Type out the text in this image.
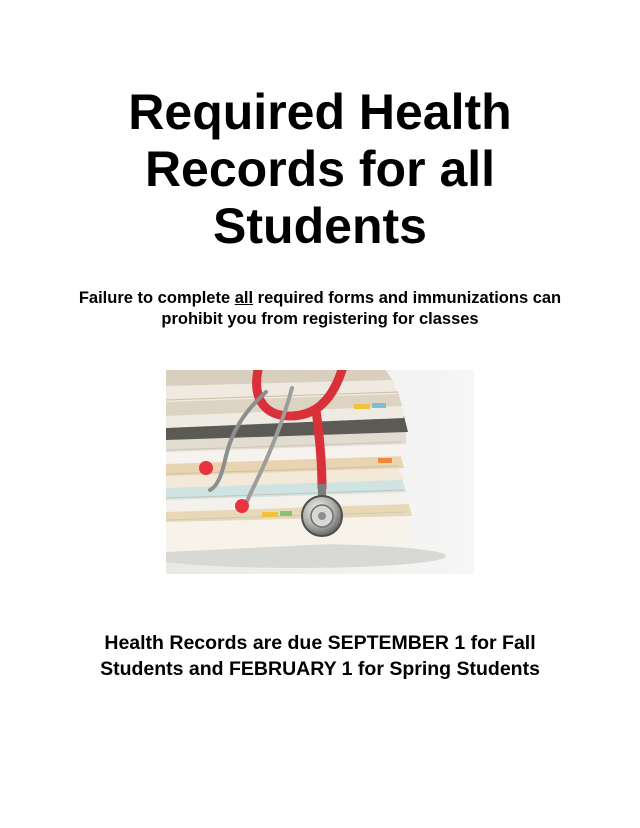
Required Health
Records for all
Students

Failure to complete all required forms and immunizations can
prohibit you from registering for classes

Health Records are due SEPTEMBER 1 for Fall
Students and FEBRUARY 1 for Spring Students
